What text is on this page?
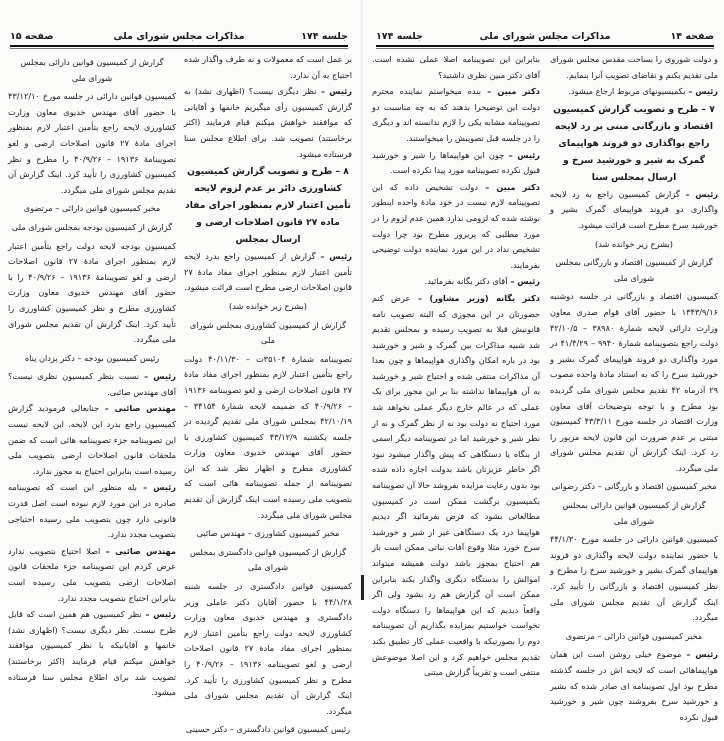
جلسه ۱۷۴
مذاکرات مجلس شورای ملی
صفحه ۱۵

بر عمل است که معمولات و نه طرف واگذار شده احتیاج به آن ندارد.

رئیس – نظر دیگری نیست؟ (اظهاری نشد) به گزارش کمیسیون رأی میگیریم خانمها و آقایانی که موافقند خواهش میکنم قیام فرمایند (اکثر برخاستند) تصویب شد. برای اطلاع مجلس سنا فرستاده میشود.

۸ – طرح و تصویب گزارش کمیسیون کشاورزی دائر بر عدم لزوم لایحه تأمین اعتبار لازم بمنظور اجرای مفاد ماده ۲۷ قانون اصلاحات ارضی و ارسال بمجلس

رئیس – گزارش از کمیسیون راجع بدرد لایحه تأمین اعتبار لازم بمنظور اجرای مفاد مادهٔ ۲۷ قانون اصلاحات ارضی مطرح است قرائت میشود.

(بشرح زیر خوانده شد)

گزارش از کمیسیون کشاورزی بمجلس شورای ملی

تصویبنامه شمارهٔ ۳۵۱۰۴ت – ۴۰/۱۱/۳۰ دولت راجع بتأمین اعتبار لازم بمنظور اجرای مفاد مادهٔ ۲۷ قانون اصلاحات ارضی و لغو تصویبنامه ۱۹۱۳۶ – ۴۰/۹/۲۶ که ضمیمه لایحه شمارهٔ ۳۴۱۵۴ – ۴۲/۱۰/۱۹ بمجلس شورای ملی تقدیم گردیده در جلسه یکشنبه ۴۳/۱۲/۹ کمیسیون کشاورزی با حضور آقای مهندس خدیوی معاون وزارت کشاورزی مطرح و اظهار نظر شد که این تصویبنامه از جمله تصویبنامه هائی است که بتصویب ملی رسیده است اینک گزارش آن تقدیم مجلس شورای ملی میگردد.

مخبر کمیسیون کشاورزی – مهندس صائبی

گزارش از کمیسیون قوانین دادگستری بمجلس شورای ملی

کمیسیون قوانین دادگستری در جلسه شنبه ۴۴/۱/۲۸ با حضور آقایان دکتر عاملی وزیر دادگستری و مهندس خدیوی معاون وزارت کشاورزی لایحه دولت راجع بتأمین اعتبار لازم بمنظور اجرای مفاد مادهٔ ۲۷ قانون اصلاحات ارضی و لغو تصویبنامه ۱۹۱۳۶ – ۴۰/۹/۲۶ را مطرح و نظر کمیسیون کشاورزی را تأیید کرد. اینک گزارش آن تقدیم مجلس شورای ملی میگردد.

رئیس کمیسیون قوانین دادگستری – دکتر حسینی

گزارش از کمیسیون قوانین دارائی بمجلس شورای ملی

کمیسیون قوانین دارائی در جلسه مورخ ۴۳/۱۲/۱۰ با حضور آقای مهندس خدیوی معاون وزارت کشاورزی لایحه راجع بتأمین اعتبار لازم بمنظور اجرای مادهٔ ۲۷ قانون اصلاحات ارضی و لغو تصویبنامهٔ ۱۹۱۳۶ – ۴۰/۹/۲۶ را مطرح و نظر کمیسیون کشاورزی را تأیید کرد. اینک گزارش آن تقدیم مجلس شورای ملی میگردد.

مخبر کمیسیون قوانین دارائی – مرتضوی

گزارش از کمیسیون بودجه بمجلس شورای ملی

کمیسیون بودجه لایحه دولت راجع بتأمین اعتبار لازم بمنظور اجرای مادهٔ ۲۷ قانون اصلاحات ارضی و لغو تصویبنامهٔ ۱۹۱۳۶ – ۴۰/۹/۲۶ را با حضور آقای مهندس خدیوی معاون وزارت کشاورزی مطرح و نظر کمیسیون کشاورزی را تأیید کرد. اینک گزارش آن تقدیم مجلس شورای ملی میگردد.

رئیس کمیسیون بودجه – دکتر یزدان پناه

رئیس – نسبت بنظر کمیسیون نظری نیست؟ آقای مهندس صائبی.

مهندس صائبی – جنابعالی فرمودید گزارش کمیسیون راجع بدرد این لایحه. این لایحه نیست این تصویبنامه جزء تصویبنامه هائی است که ضمن ملحقات قانون اصلاحات ارضی بتصویب ملی رسیده است بنابراین احتیاج به مجوز ندارد.

رئیس – بله منظور این است که تصویبنامه صادره در این مورد لازم نبوده است اصل قدرت قانونی دارد چون بتصویب ملی رسیده احتیاجی بتصویب مجدد ندارد.

مهندس صائبی – اصلا احتیاج بتصویب ندارد عرض کردم این تصویبنامه جزء ملحقات قانون اصلاحات ارضی بتصویب ملی رسیده است بنابراین احتیاج بتصویب مجدد ندارد.

رئیس – نظر کمیسیون هم همین است که قابل طرح نیست. نظر دیگری نیست؟ (اظهاری نشد) خانمها و آقایانیکه با نظر کمیسیون موافقند خواهش میکنم قیام فرمایند (اکثر برخاستند) تصویب شد برای اطلاع مجلس سنا فرستاده میشود.

صفحه ۱۴
مذاکرات مجلس شورای ملی
جلسه ۱۷۴

و دولت شوروی را بساحت مقدس مجلس شورای ملی تقدیم بکنم و تقاضای تصویب آنرا بنمایم.

رئیس – بکمیسیونهای مربوط ارجاع میشود.

۷ – طرح و تصویب گزارش کمیسیون اقتصاد و بازرگانی مبنی بر رد لایحه راجع بواگذاری دو فروند هواپیمای گمرک به شیر و خورشید سرخ و ارسال بمجلس سنا

رئیس – گزارش کمیسیون راجع به رد لایحه واگذاری دو فروند هواپیمای گمرک بشیر و خورشید سرخ مطرح است قرائت میشود.

(بشرح زیر خوانده شد)

گزارش از کمیسیون اقتصاد و بازرگانی بمجلس شورای ملی

کمیسیون اقتصاد و بازرگانی در جلسه دوشنبه ۱۳۴۳/۹/۱۶ با حضور آقای قوام صدری معاون وزارت دارائی لایحه شمارهٔ ۳۸۹۸۰ – ۴۲/۱۰/۵ دولت راجع بتصویبنامه شمارهٔ ۹۹۴۰ – ۴۱/۴/۲۹ در مورد واگذاری دو فروند هواپیمای گمرک بشیر و خورشید سرخ را که به استناد مادهٔ واحده مصوب ۲۹ آذرماه ۴۲ تقدیم مجلس شورای ملی گردیده بود مطرح و با توجه بتوضیحات آقای معاون وزارت اقتصاد در جلسه مورخ ۴۳/۳/۱۱ کمیسیون مبتنی بر عدم ضرورت این قانون لایحه مزبور را رد کرد. اینک گزارش آن تقدیم مجلس شورای ملی میگردد.

مخبر کمیسیون اقتصاد و بازرگانی – دکتر رضوانی

گزارش از کمیسیون قوانین دارائی بمجلس شورای ملی

کمیسیون قوانین دارائی در جلسه مورخ ۴۴/۱/۳۰ با حضور نماینده دولت لایحه واگذاری دو فروند هواپیمای گمرک بشیر و خورشید سرخ را مطرح و نظر کمیسیون اقتصاد و بازرگانی را تأیید کرد. اینک گزارش آن تقدیم مجلس شورای ملی میگردد.

مخبر کمیسیون قوانین دارائی – مرتضوی

رئیس – موضوع خیلی روشن است این همان هواپیماهائی است که لایحه اش در جلسه گذشته مطرح بود اول تصویبنامه ای صادر شده که بشیر و خورشید سرخ بفروشند چون شیر و خورشید قبول نکرده

بنابراین این تصویبنامه اصلا عملی نشده است. آقای دکتر مبین نظری داشتید؟

دکتر مبین – بنده میخواستم نماینده محترم دولت این توضیحرا بدهند که به چه مناسبت دو تصویبنامه مشابه یکی را لازم ندانسته اند و دیگری را در جلسه قبل تصویبش را میخواستند.

رئیس – چون این هواپیماها را شیر و خورشید قبول نکرده تصویبنامه مورد پیدا نکرده است.

دکتر مبین – دولت تشخیص داده که این تصویبنامه لازم نیست در خود مادهٔ واحده اینطور نوشته شده که لزومی ندارد همین عدم لزوم را در مورد مطلبی که پریروز مطرح بود چرا دولت تشخیص نداد در این مورد نماینده دولت توضیحی بفرمایند.

رئیس – آقای دکتر یگانه بفرمائید.

دکتر یگانه (وزیر مشاور) – عرض کنم حضورتان در این مجوزی که البته تصویب نامه قانونیش قبلا به تصویب رسیده و بمجلس تقدیم شد شبیه مذاکرات بین گمرک و شیر و خورشید بود در باره امکان واگذاری هواپیماها و چون بعدا آن مذاکرات منتفی شده و احتیاج شیر و خورشید به آن هواپیماها نداشته بنا بر این مجوز برای یک عملی که در عالم خارج دیگر عملی نخواهد شد مورد احتیاج نه دولت بود نه از نظر گمرک و نه از نظر شیر و خورشید اما در تصویبنامه دیگر اسمی از بنگاه یا دستگاهی که پیش واگذار میشود نبود اگر خاطر عزیزتان باشد بدولت اجازه داده شده بود بدون رعایت مزایده بفروشد حالا آن تصویبنامه بکمیسیون برگشت ممکن است در کمیسیون مطالعاتی بشود که فرض بفرمائید اگر دیدیم هواپیما درد یک دستگاهی غیر از شیر و خورشید سرخ خورد مثلا وقوع آفات نباتی ممکن است باز هم احتیاج بمجوز باشد دولت همیشه میتواند اموالش را بدستگاه دیگری واگذار بکند بنابراین ممکن است آن گزارش هم رد بشود ولی اگر واقعاً دیدیم که این هواپیماها را دستگاه دولت نخواست خواستیم بمزایده بگذاریم آن تصویبنامه دوم را بصورتیکه با واقعیت عملی کار تطبیق بکند تقدیم مجلس خواهیم کرد و این اصلا موضوعش منتفی است و تقریباً گزارش مبتنی
